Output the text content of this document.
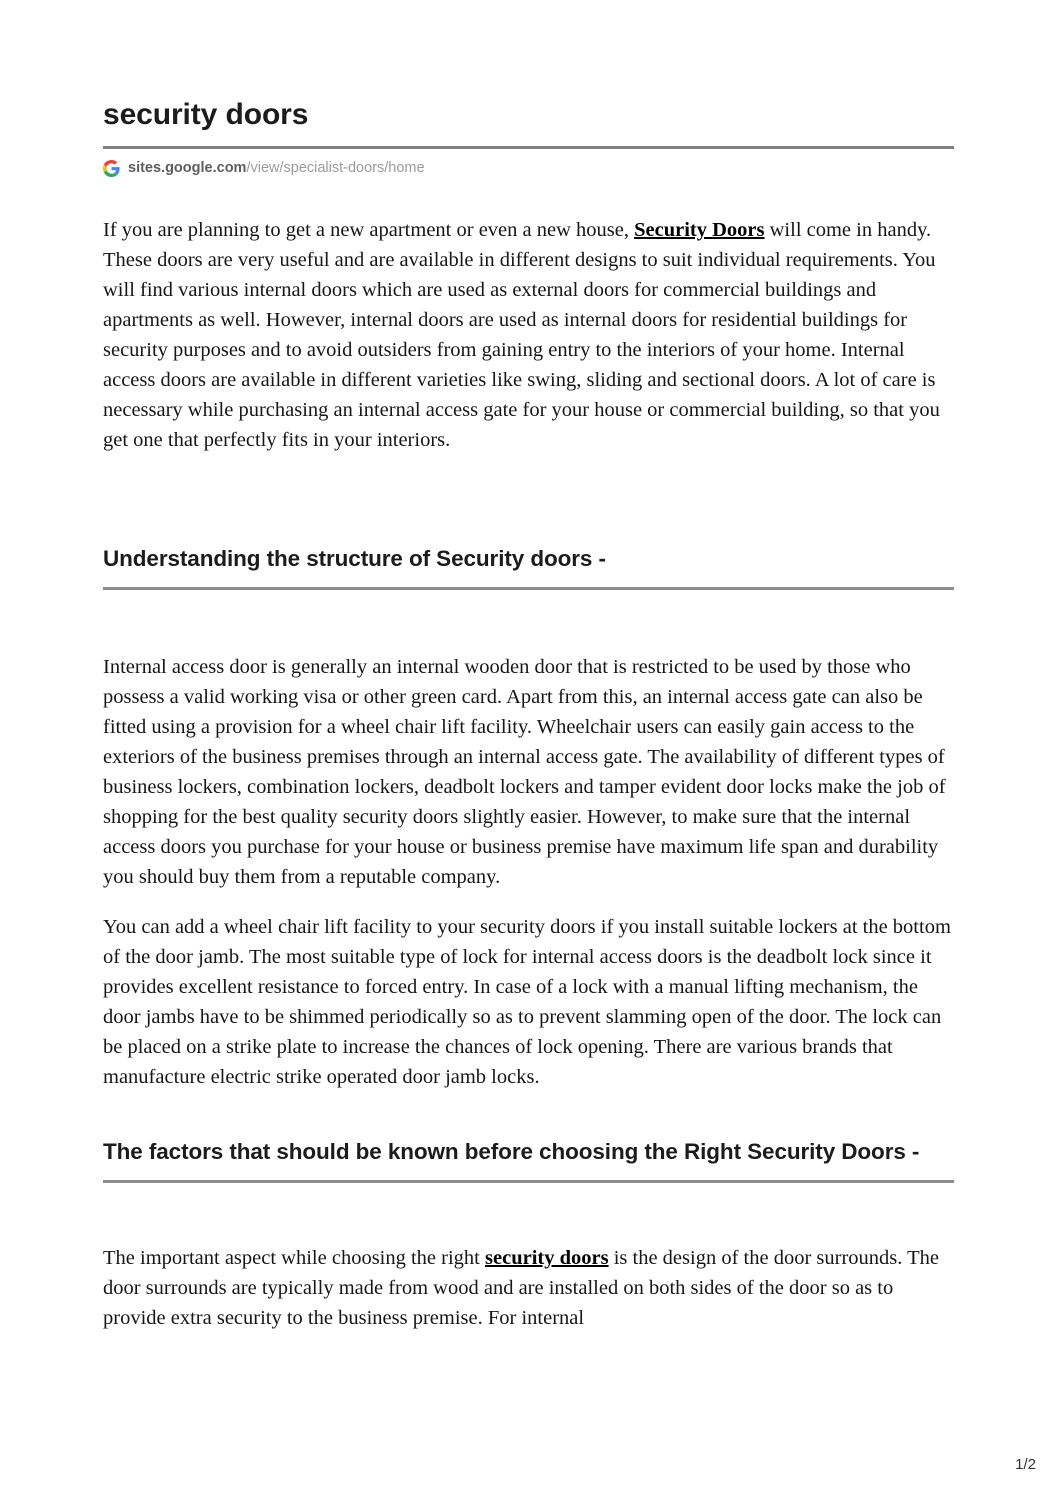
security doors
sites.google.com /view/specialist-doors/home

If you are planning to get a new apartment or even a new house, Security Doors will come in handy. These doors are very useful and are available in different designs to suit individual requirements. You will find various internal doors which are used as external doors for commercial buildings and apartments as well. However, internal doors are used as internal doors for residential buildings for security purposes and to avoid outsiders from gaining entry to the interiors of your home. Internal access doors are available in different varieties like swing, sliding and sectional doors. A lot of care is necessary while purchasing an internal access gate for your house or commercial building, so that you get one that perfectly fits in your interiors.

Understanding the structure of Security doors -

Internal access door is generally an internal wooden door that is restricted to be used by those who possess a valid working visa or other green card. Apart from this, an internal access gate can also be fitted using a provision for a wheel chair lift facility. Wheelchair users can easily gain access to the exteriors of the business premises through an internal access gate. The availability of different types of business lockers, combination lockers, deadbolt lockers and tamper evident door locks make the job of shopping for the best quality security doors slightly easier. However, to make sure that the internal access doors you purchase for your house or business premise have maximum life span and durability you should buy them from a reputable company.

You can add a wheel chair lift facility to your security doors if you install suitable lockers at the bottom of the door jamb. The most suitable type of lock for internal access doors is the deadbolt lock since it provides excellent resistance to forced entry. In case of a lock with a manual lifting mechanism, the door jambs have to be shimmed periodically so as to prevent slamming open of the door. The lock can be placed on a strike plate to increase the chances of lock opening. There are various brands that manufacture electric strike operated door jamb locks.

The factors that should be known before choosing the Right Security Doors -

The important aspect while choosing the right security doors is the design of the door surrounds. The door surrounds are typically made from wood and are installed on both sides of the door so as to provide extra security to the business premise. For internal

1/2
